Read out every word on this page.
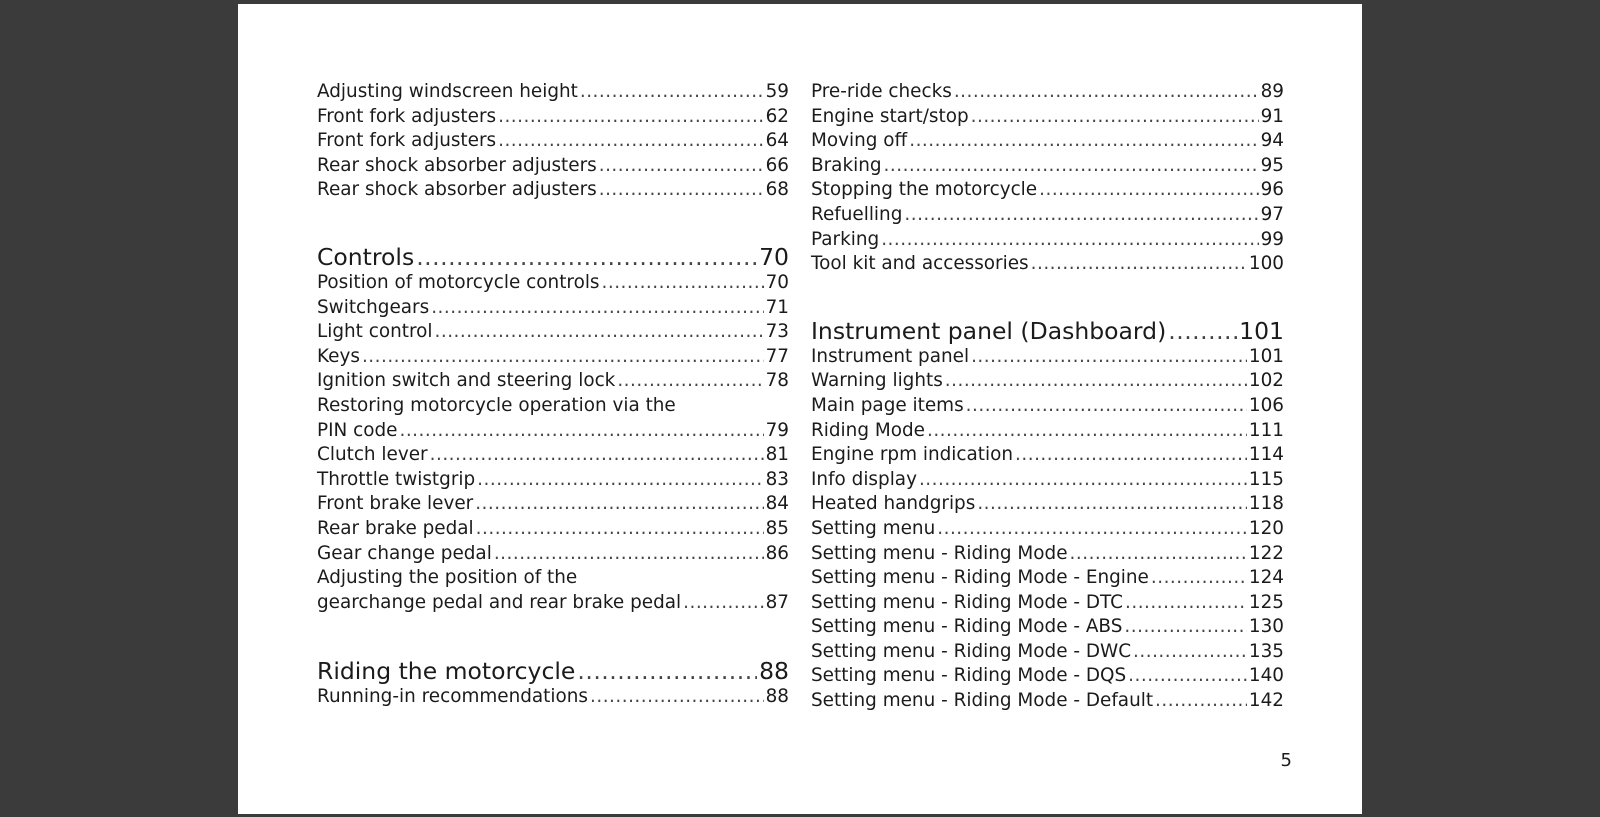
Adjusting windscreen height .....	59
Front fork adjusters .....	62
Front fork adjusters .....	64
Rear shock absorber adjusters .....	66
Rear shock absorber adjusters .....	68
Controls .....	70
Position of motorcycle controls .....	70
Switchgears .....	71
Light control .....	73
Keys .....	77
Ignition switch and steering lock .....	78
Restoring motorcycle operation via the
PIN code .....	79
Clutch lever .....	81
Throttle twistgrip .....	83
Front brake lever .....	84
Rear brake pedal .....	85
Gear change pedal .....	86
Adjusting the position of the
gearchange pedal and rear brake pedal .....	87
Riding the motorcycle .....	88
Running-in recommendations .....	88
Pre-ride checks .....	89
Engine start/stop .....	91
Moving off .....	94
Braking .....	95
Stopping the motorcycle .....	96
Refuelling .....	97
Parking .....	99
Tool kit and accessories .....	100
Instrument panel (Dashboard) .....	101
Instrument panel .....	101
Warning lights .....	102
Main page items .....	106
Riding Mode .....	111
Engine rpm indication .....	114
Info display .....	115
Heated handgrips .....	118
Setting menu .....	120
Setting menu - Riding Mode .....	122
Setting menu - Riding Mode - Engine .....	124
Setting menu - Riding Mode - DTC .....	125
Setting menu - Riding Mode - ABS .....	130
Setting menu - Riding Mode - DWC .....	135
Setting menu - Riding Mode - DQS .....	140
Setting menu - Riding Mode - Default .....	142
5
